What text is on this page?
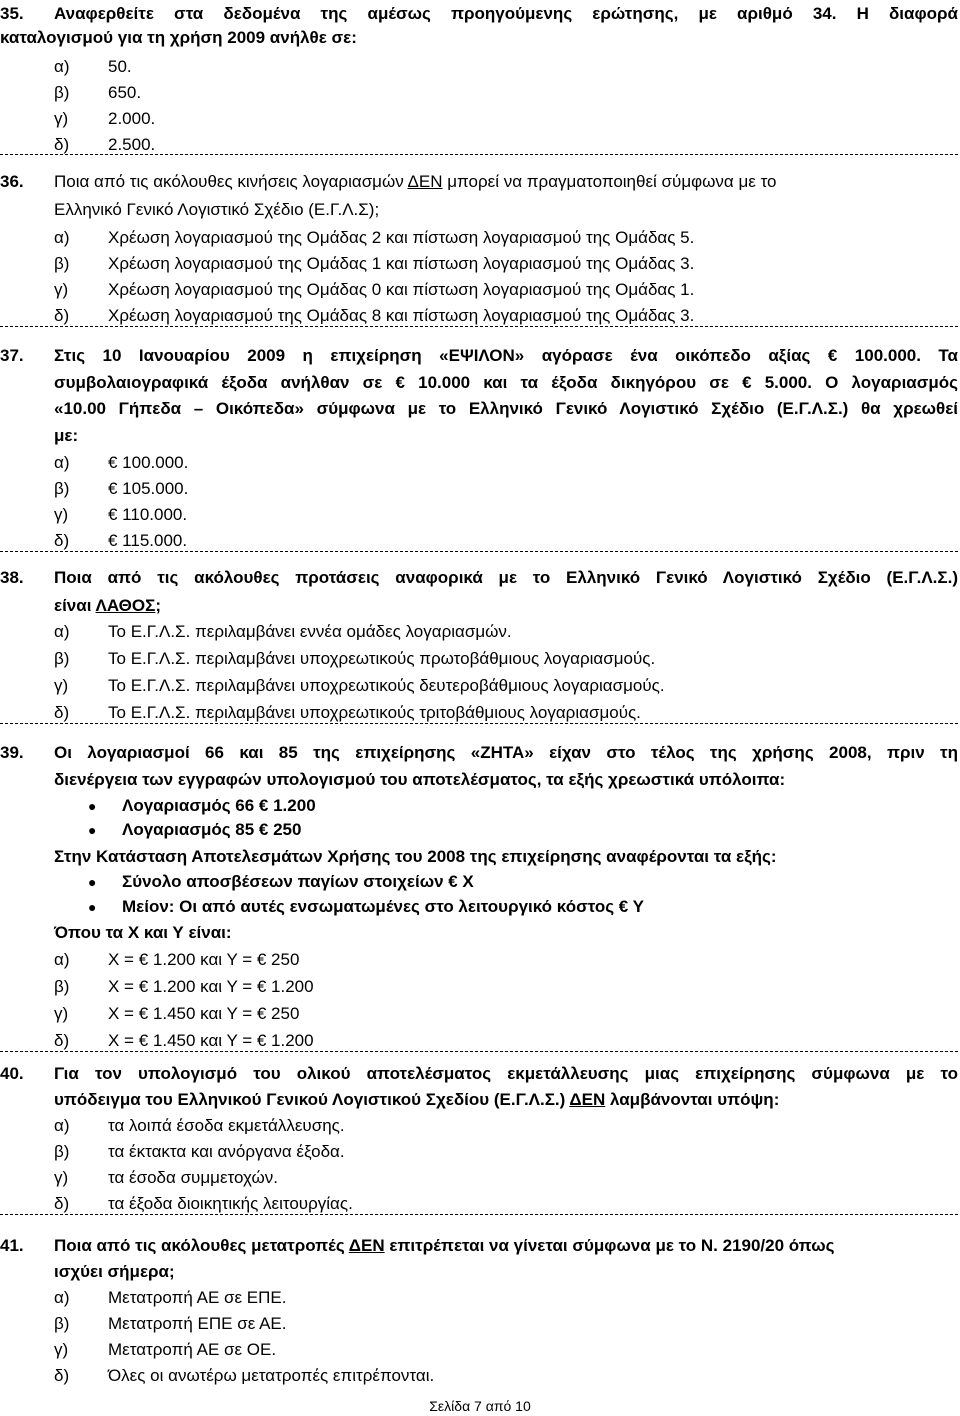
35. Αναφερθείτε στα δεδομένα της αμέσως προηγούμενης ερώτησης, με αριθμό 34. Η διαφορά
καταλογισμού για τη χρήση 2009 ανήλθε σε:
α) 50.
β) 650.
γ) 2.000.
δ) 2.500.
36. Ποια από τις ακόλουθες κινήσεις λογαριασμών ΔΕΝ μπορεί να πραγματοποιηθεί σύμφωνα με το
Ελληνικό Γενικό Λογιστικό Σχέδιο (Ε.Γ.Λ.Σ);
α) Χρέωση λογαριασμού της Ομάδας 2 και πίστωση λογαριασμού της Ομάδας 5.
β) Χρέωση λογαριασμού της Ομάδας 1 και πίστωση λογαριασμού της Ομάδας 3.
γ) Χρέωση λογαριασμού της Ομάδας 0 και πίστωση λογαριασμού της Ομάδας 1.
δ) Χρέωση λογαριασμού της Ομάδας 8 και πίστωση λογαριασμού της Ομάδας 3.
37. Στις 10 Ιανουαρίου 2009 η επιχείρηση «ΕΨΙΛΟΝ» αγόρασε ένα οικόπεδο αξίας € 100.000. Τα
συμβολαιογραφικά έξοδα ανήλθαν σε € 10.000 και τα έξοδα δικηγόρου σε € 5.000. Ο λογαριασμός
«10.00 Γήπεδα – Οικόπεδα» σύμφωνα με το Ελληνικό Γενικό Λογιστικό Σχέδιο (Ε.Γ.Λ.Σ.) θα χρεωθεί
με:
α) € 100.000.
β) € 105.000.
γ) € 110.000.
δ) € 115.000.
38. Ποια από τις ακόλουθες προτάσεις αναφορικά με το Ελληνικό Γενικό Λογιστικό Σχέδιο (Ε.Γ.Λ.Σ.)
είναι ΛΑΘΟΣ;
α) Το Ε.Γ.Λ.Σ. περιλαμβάνει εννέα ομάδες λογαριασμών.
β) Το Ε.Γ.Λ.Σ. περιλαμβάνει υποχρεωτικούς πρωτοβάθμιους λογαριασμούς.
γ) Το Ε.Γ.Λ.Σ. περιλαμβάνει υποχρεωτικούς δευτεροβάθμιους λογαριασμούς.
δ) Το Ε.Γ.Λ.Σ. περιλαμβάνει υποχρεωτικούς τριτοβάθμιους λογαριασμούς.
39. Οι λογαριασμοί 66 και 85 της επιχείρησης «ΖΗΤΑ» είχαν στο τέλος της χρήσης 2008, πριν τη
διενέργεια των εγγραφών υπολογισμού του αποτελέσματος, τα εξής χρεωστικά υπόλοιπα:
● Λογαριασμός 66 € 1.200
● Λογαριασμός 85 € 250
Στην Κατάσταση Αποτελεσμάτων Χρήσης του 2008 της επιχείρησης αναφέρονται τα εξής:
● Σύνολο αποσβέσεων παγίων στοιχείων € Χ
● Μείον: Οι από αυτές ενσωματωμένες στο λειτουργικό κόστος € Υ
Όπου τα Χ και Υ είναι:
α) Χ = € 1.200 και Υ = € 250
β) Χ = € 1.200 και Υ = € 1.200
γ) Χ = € 1.450 και Υ = € 250
δ) Χ = € 1.450 και Υ = € 1.200
40. Για τον υπολογισμό του ολικού αποτελέσματος εκμετάλλευσης μιας επιχείρησης σύμφωνα με το
υπόδειγμα του Ελληνικού Γενικού Λογιστικού Σχεδίου (Ε.Γ.Λ.Σ.) ΔΕΝ λαμβάνονται υπόψη:
α) τα λοιπά έσοδα εκμετάλλευσης.
β) τα έκτακτα και ανόργανα έξοδα.
γ) τα έσοδα συμμετοχών.
δ) τα έξοδα διοικητικής λειτουργίας.
41. Ποια από τις ακόλουθες μετατροπές ΔΕΝ επιτρέπεται να γίνεται σύμφωνα με το Ν. 2190/20 όπως
ισχύει σήμερα;
α) Μετατροπή ΑΕ σε ΕΠΕ.
β) Μετατροπή ΕΠΕ σε ΑΕ.
γ) Μετατροπή ΑΕ σε ΟΕ.
δ) Όλες οι ανωτέρω μετατροπές επιτρέπονται.
Σελίδα 7 από 10
